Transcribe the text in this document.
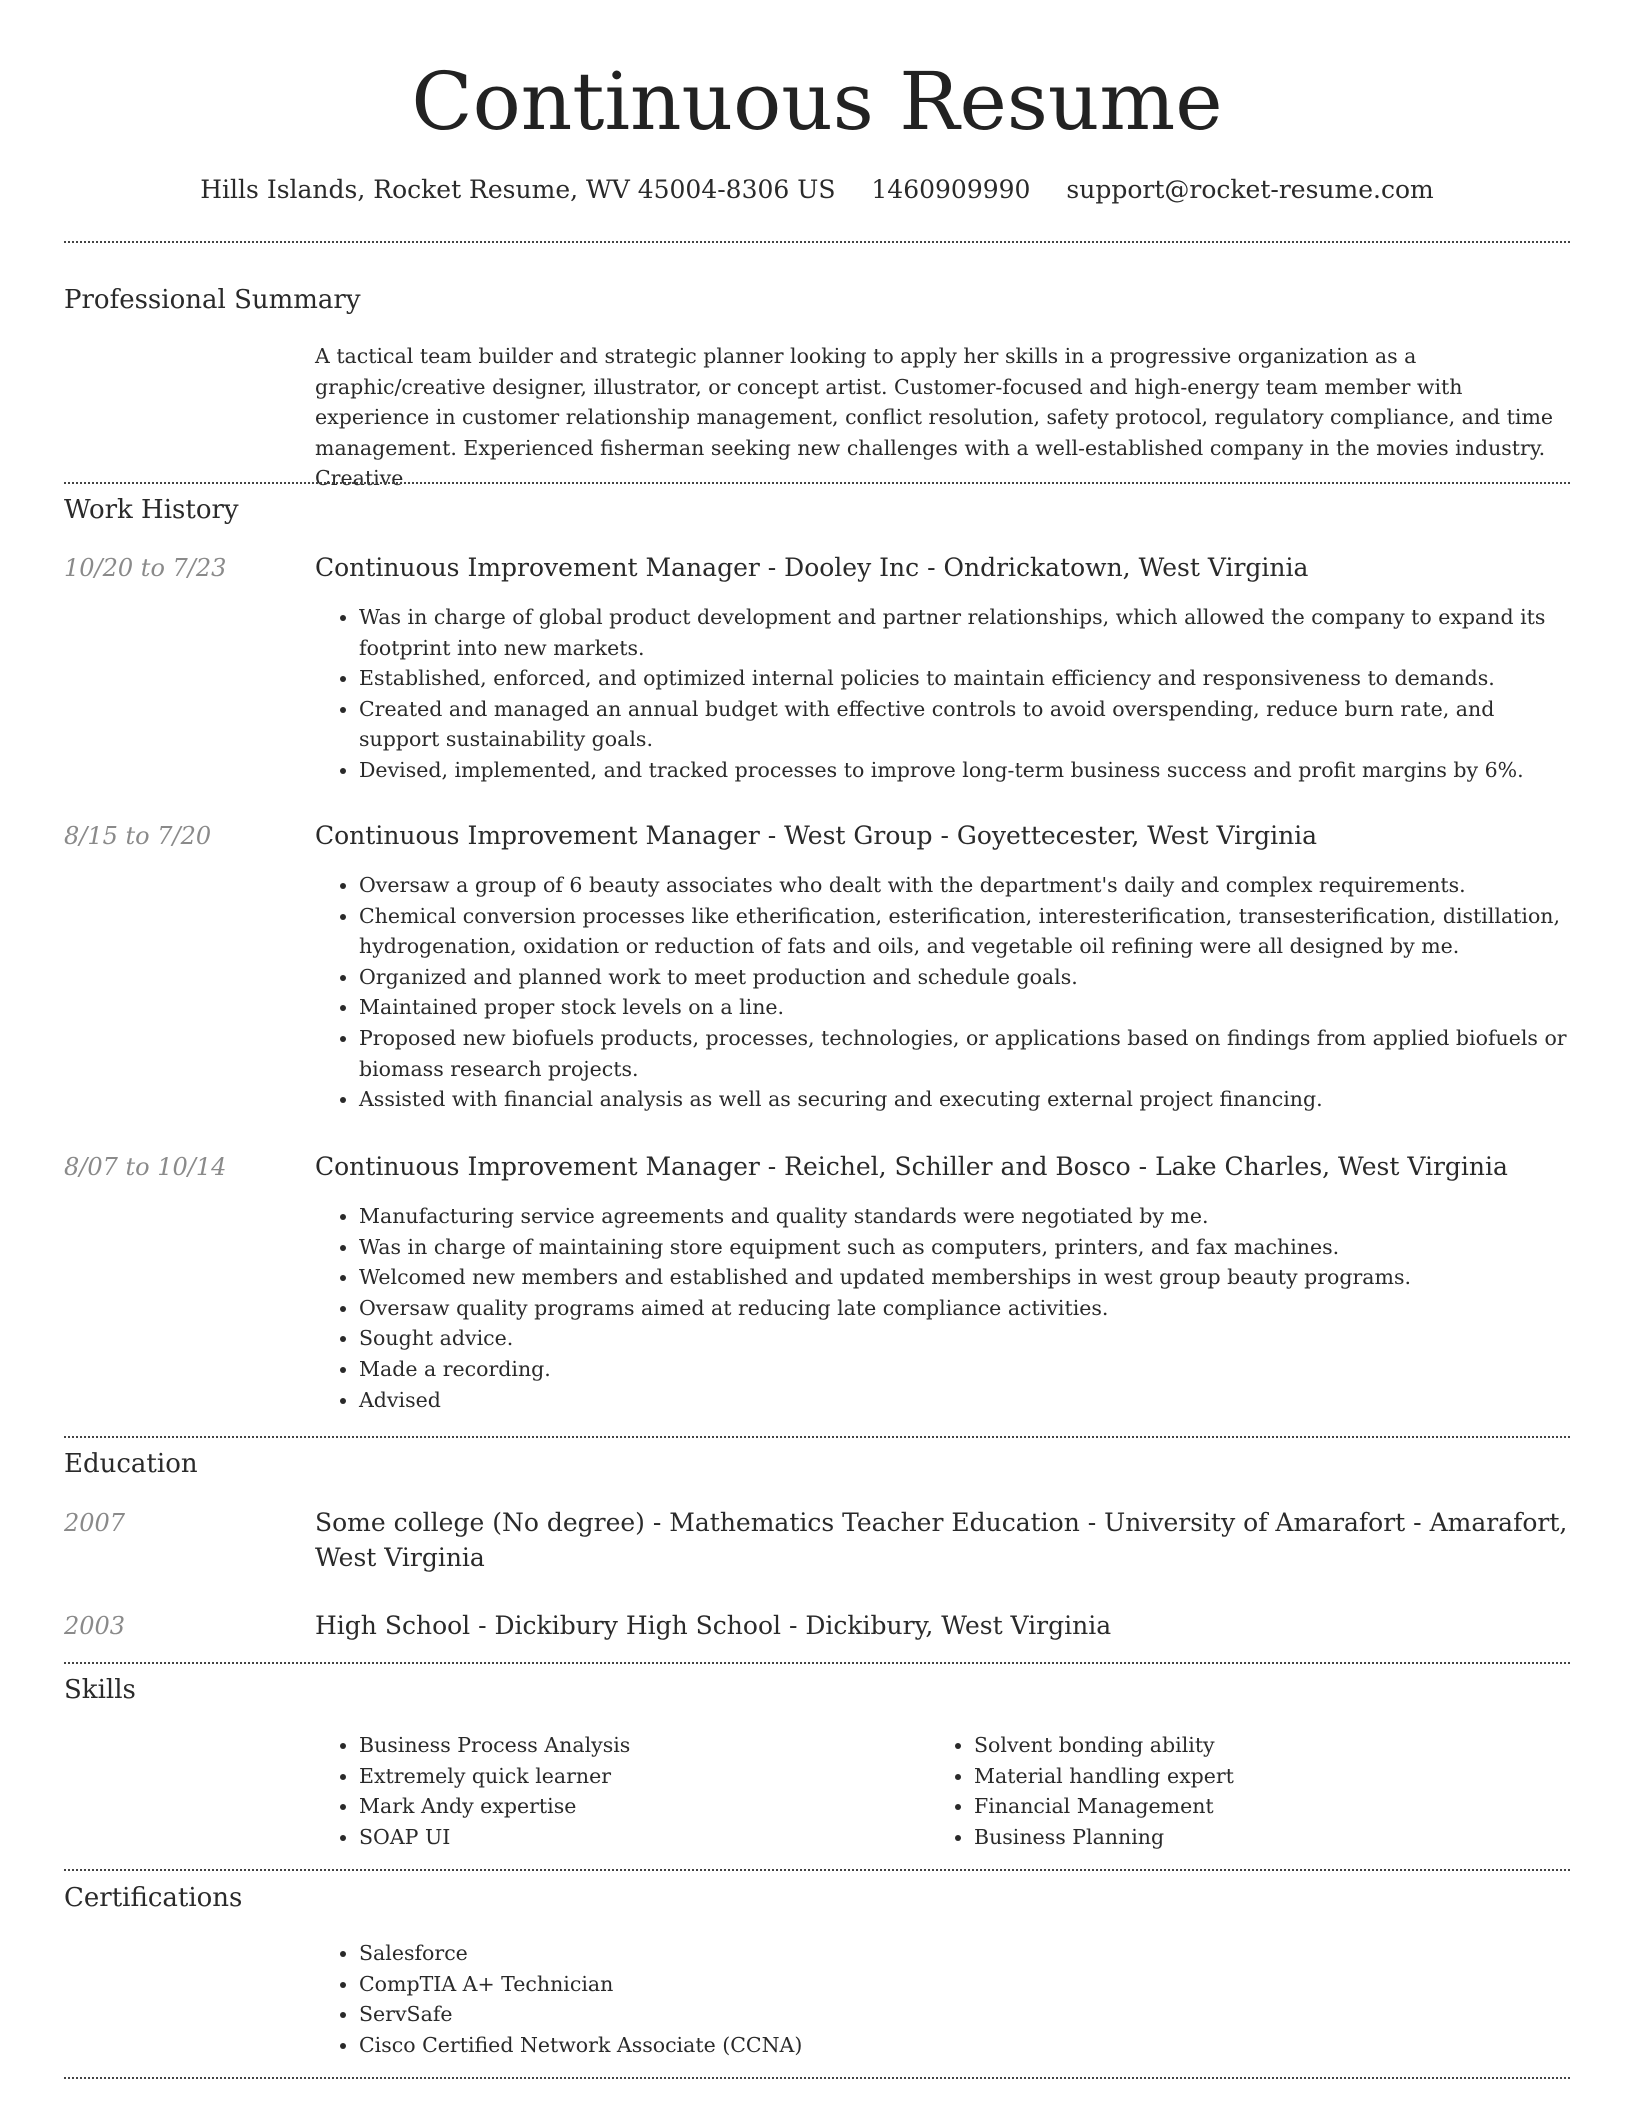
Continuous Resume
Hills Islands, Rocket Resume, WV 45004-8306 US 1460909990 support@rocket-resume.com
Professional Summary

A tactical team builder and strategic planner looking to apply her skills in a progressive organization as a graphic/creative designer, illustrator, or concept artist. Customer-focused and high-energy team member with experience in customer relationship management, conflict resolution, safety protocol, regulatory compliance, and time management. Experienced fisherman seeking new challenges with a well-established company in the movies industry. Creative

Work History
10/20 to 7/23	Continuous Improvement Manager - Dooley Inc - Ondrickatown, West Virginia
• Was in charge of global product development and partner relationships, which allowed the company to expand its footprint into new markets.
• Established, enforced, and optimized internal policies to maintain efficiency and responsiveness to demands.
• Created and managed an annual budget with effective controls to avoid overspending, reduce burn rate, and support sustainability goals.
• Devised, implemented, and tracked processes to improve long-term business success and profit margins by 6%.
8/15 to 7/20	Continuous Improvement Manager - West Group - Goyettecester, West Virginia
• Oversaw a group of 6 beauty associates who dealt with the department's daily and complex requirements.
• Chemical conversion processes like etherification, esterification, interesterification, transesterification, distillation, hydrogenation, oxidation or reduction of fats and oils, and vegetable oil refining were all designed by me.
• Organized and planned work to meet production and schedule goals.
• Maintained proper stock levels on a line.
• Proposed new biofuels products, processes, technologies, or applications based on findings from applied biofuels or biomass research projects.
• Assisted with financial analysis as well as securing and executing external project financing.
8/07 to 10/14	Continuous Improvement Manager - Reichel, Schiller and Bosco - Lake Charles, West Virginia
• Manufacturing service agreements and quality standards were negotiated by me.
• Was in charge of maintaining store equipment such as computers, printers, and fax machines.
• Welcomed new members and established and updated memberships in west group beauty programs.
• Oversaw quality programs aimed at reducing late compliance activities.
• Sought advice.
• Made a recording.
• Advised
Education
2007	Some college (No degree) - Mathematics Teacher Education - University of Amarafort - Amarafort, West Virginia
2003	High School - Dickibury High School - Dickibury, West Virginia
Skills
• Business Process Analysis
• Extremely quick learner
• Mark Andy expertise
• SOAP UI
• Solvent bonding ability
• Material handling expert
• Financial Management
• Business Planning
Certifications
• Salesforce
• CompTIA A+ Technician
• ServSafe
• Cisco Certified Network Associate (CCNA)
